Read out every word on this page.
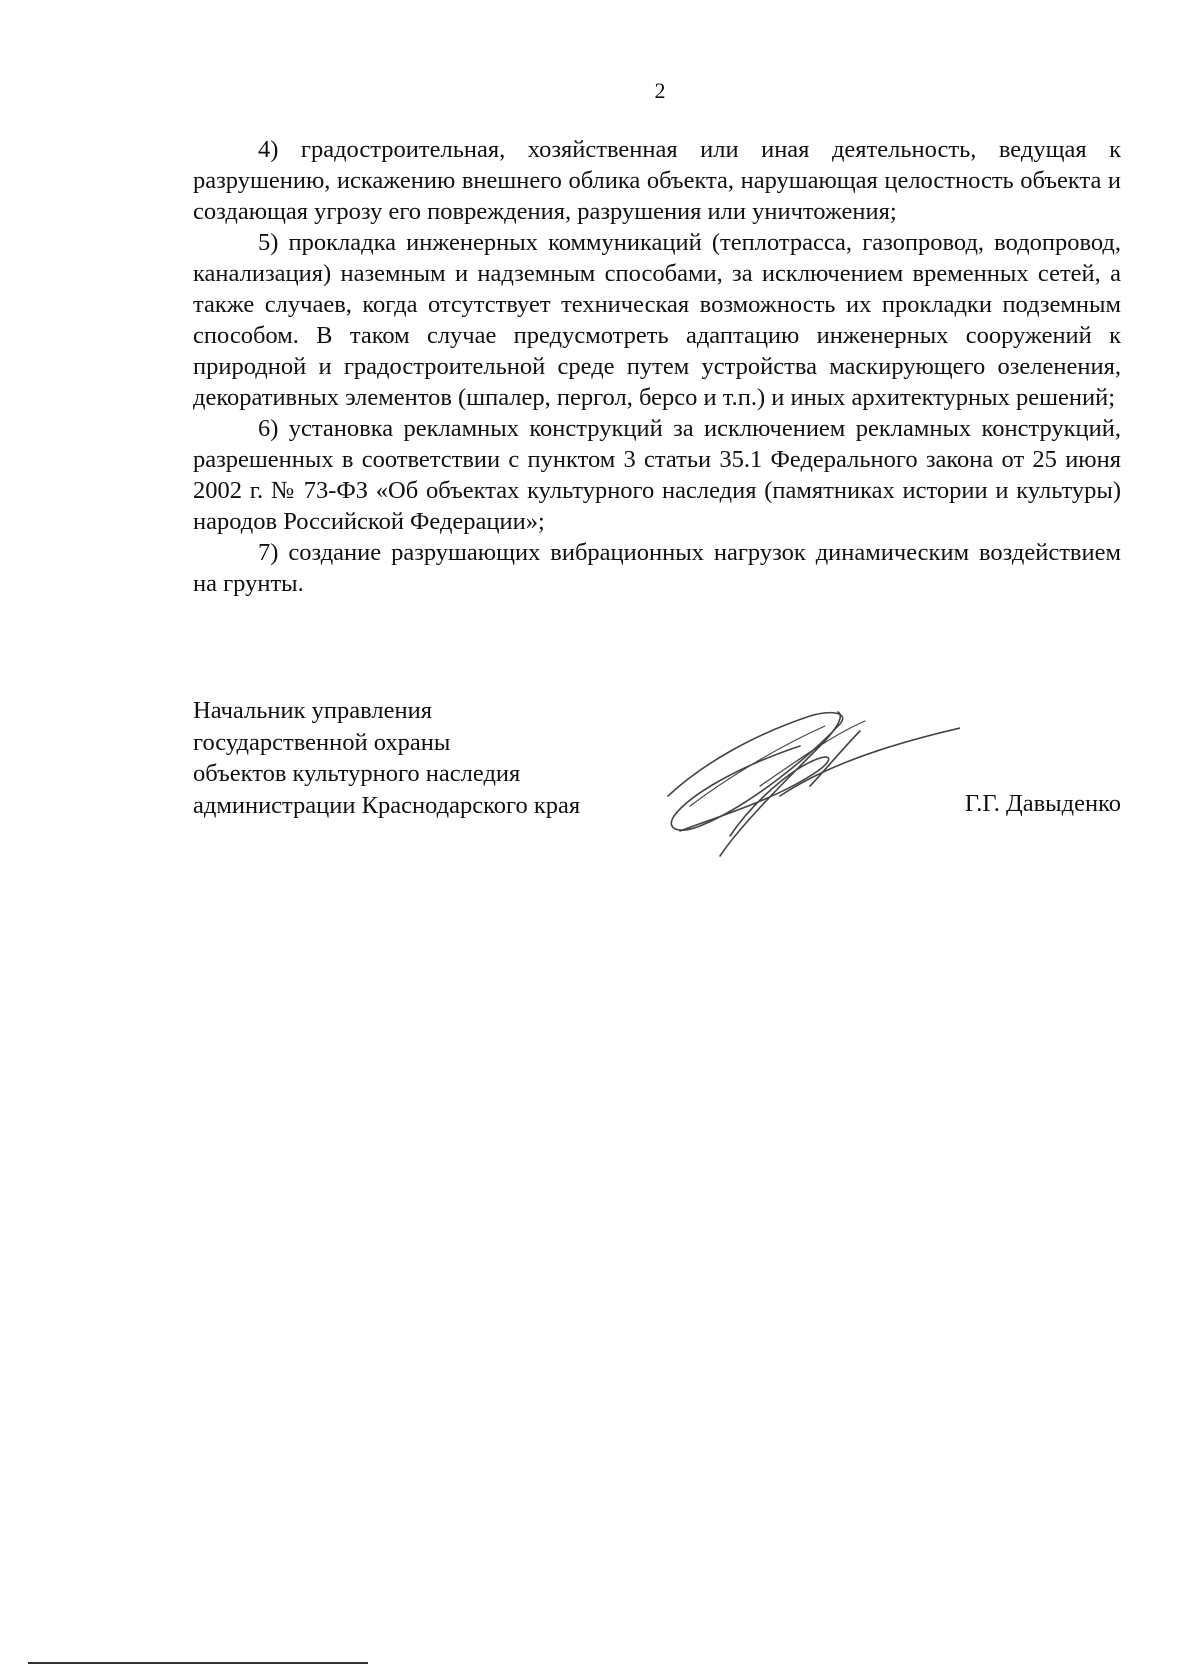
2

4) градостроительная, хозяйственная или иная деятельность, ведущая к разрушению, искажению внешнего облика объекта, нарушающая целостность объекта и создающая угрозу его повреждения, разрушения или уничтожения;

5) прокладка инженерных коммуникаций (теплотрасса, газопровод, водопровод, канализация) наземным и надземным способами, за исключением временных сетей, а также случаев, когда отсутствует техническая возможность их прокладки подземным способом. В таком случае предусмотреть адаптацию инженерных сооружений к природной и градостроительной среде путем устройства маскирующего озеленения, декоративных элементов (шпалер, пергол, берсо и т.п.) и иных архитектурных решений;

6) установка рекламных конструкций за исключением рекламных конструкций, разрешенных в соответствии с пунктом 3 статьи 35.1 Федерального закона от 25 июня 2002 г. № 73-ФЗ «Об объектах культурного наследия (памятниках истории и культуры) народов Российской Федерации»;

7) создание разрушающих вибрационных нагрузок динамическим воздействием на грунты.

Начальник управления
государственной охраны
объектов культурного наследия
администрации Краснодарского края	Г.Г. Давыденко
